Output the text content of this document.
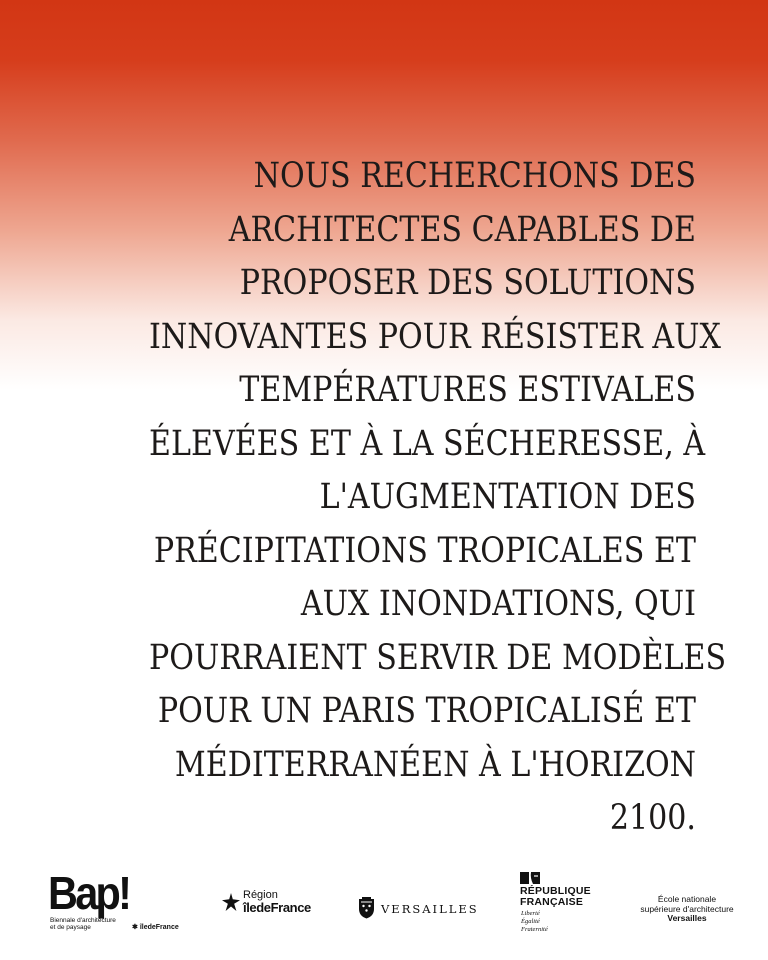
NOUS RECHERCHONS DES
ARCHITECTES CAPABLES DE
PROPOSER DES SOLUTIONS
INNOVANTES POUR RÉSISTER AUX
TEMPÉRATURES ESTIVALES
ÉLEVÉES ET À LA SÉCHERESSE, À
L'AUGMENTATION DES
PRÉCIPITATIONS TROPICALES ET
AUX INONDATIONS, QUI
POURRAIENT SERVIR DE MODÈLES
POUR UN PARIS TROPICALISÉ ET
MÉDITERRANÉEN À L'HORIZON
2100.

Bap!
Biennale d'architecture
et de paysage	✱ îledeFrance
Région
îledeFrance	VERSAILLES
RÉPUBLIQUE
FRANÇAISE
Liberté
Égalité
Fraternité
École nationale
supérieure d'architecture
Versailles
